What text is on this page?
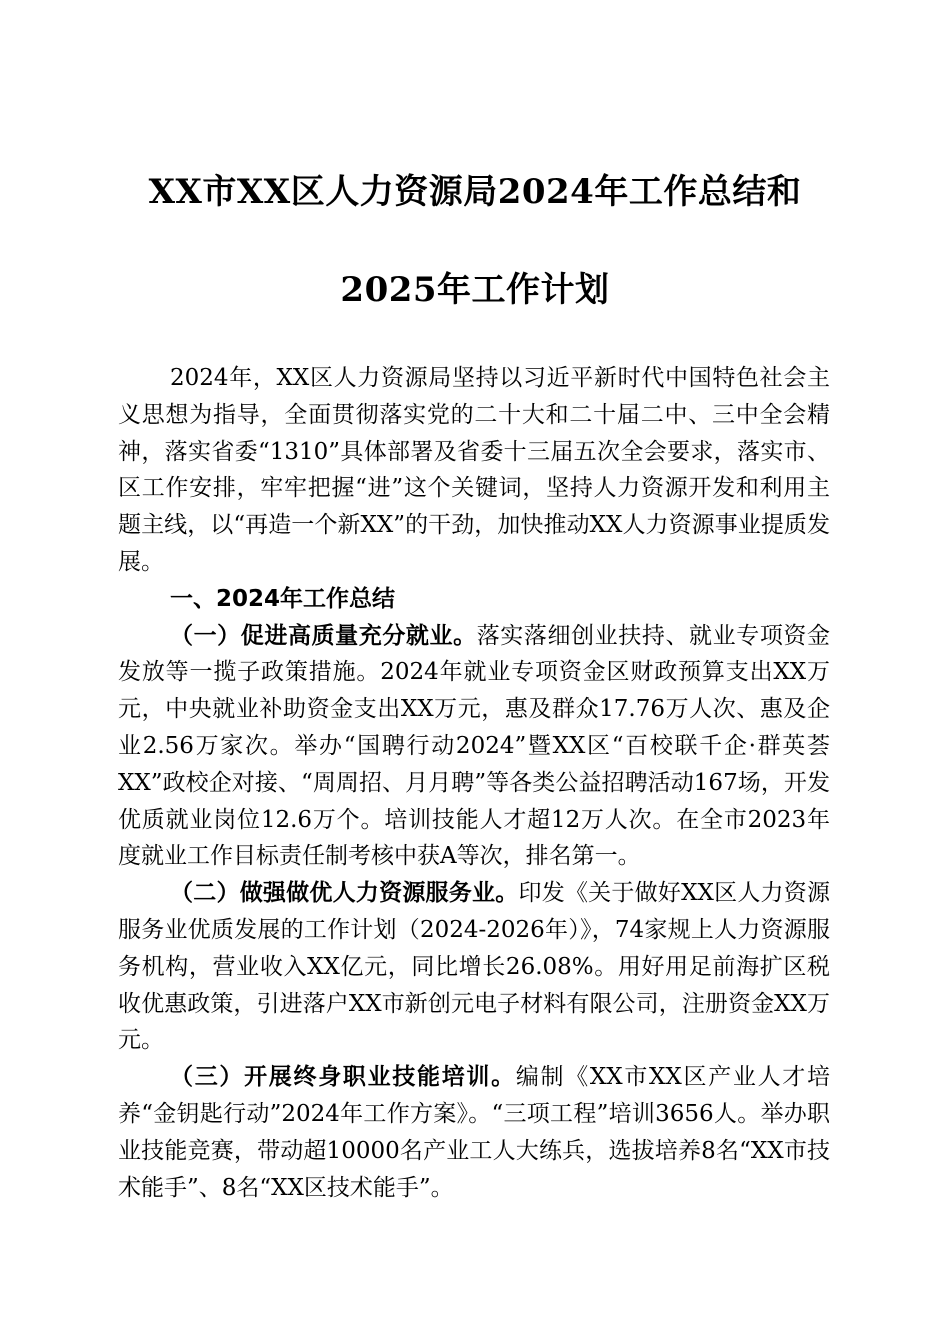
XX市XX区人力资源局2024年工作总结和
2025年工作计划

2024年，XX区人力资源局坚持以习近平新时代中国特色社会主义思想为指导，全面贯彻落实党的二十大和二十届二中、三中全会精神，落实省委“1310”具体部署及省委十三届五次全会要求，落实市、区工作安排，牢牢把握“进”这个关键词，坚持人力资源开发和利用主题主线，以“再造一个新XX”的干劲，加快推动XX人力资源事业提质发展。

一、2024年工作总结

（一）促进高质量充分就业。落实落细创业扶持、就业专项资金发放等一揽子政策措施。2024年就业专项资金区财政预算支出XX万元，中央就业补助资金支出XX万元，惠及群众17.76万人次、惠及企业2.56万家次。举办“国聘行动2024”暨XX区“百校联千企·群英荟XX”政校企对接、“周周招、月月聘”等各类公益招聘活动167场，开发优质就业岗位12.6万个。培训技能人才超12万人次。在全市2023年度就业工作目标责任制考核中获A等次，排名第一。

（二）做强做优人力资源服务业。印发《关于做好XX区人力资源服务业优质发展的工作计划（2024-2026年）》，74家规上人力资源服务机构，营业收入XX亿元，同比增长26.08%。用好用足前海扩区税收优惠政策，引进落户XX市新创元电子材料有限公司，注册资金XX万元。

（三）开展终身职业技能培训。编制《XX市XX区产业人才培养“金钥匙行动”2024年工作方案》。“三项工程”培训3656人。举办职业技能竞赛，带动超10000名产业工人大练兵，选拔培养8名“XX市技术能手”、8名“XX区技术能手”。
